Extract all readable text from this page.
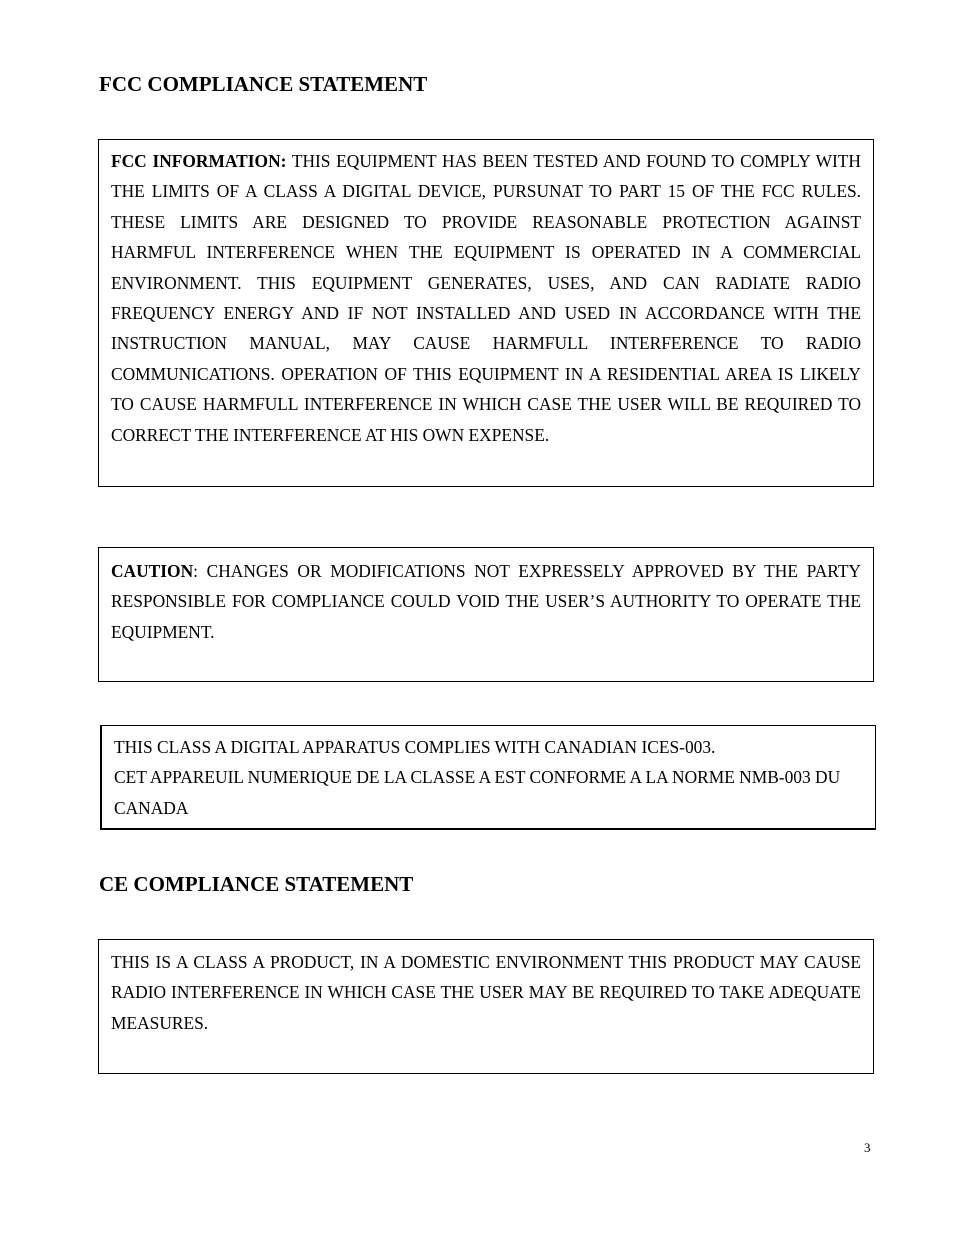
FCC COMPLIANCE STATEMENT

FCC INFORMATION: THIS EQUIPMENT HAS BEEN TESTED AND FOUND TO COMPLY WITH THE LIMITS OF A CLASS A DIGITAL DEVICE, PURSUNAT TO PART 15 OF THE FCC RULES. THESE LIMITS ARE DESIGNED TO PROVIDE REASONABLE PROTECTION AGAINST HARMFUL INTERFERENCE WHEN THE EQUIPMENT IS OPERATED IN A COMMERCIAL ENVIRONMENT. THIS EQUIPMENT GENERATES, USES, AND CAN RADIATE RADIO FREQUENCY ENERGY AND IF NOT INSTALLED AND USED IN ACCORDANCE WITH THE INSTRUCTION MANUAL, MAY CAUSE HARMFULL INTERFERENCE TO RADIO COMMUNICATIONS. OPERATION OF THIS EQUIPMENT IN A RESIDENTIAL AREA IS LIKELY TO CAUSE HARMFULL INTERFERENCE IN WHICH CASE THE USER WILL BE REQUIRED TO CORRECT THE INTERFERENCE AT HIS OWN EXPENSE.

CAUTION: CHANGES OR MODIFICATIONS NOT EXPRESSELY APPROVED BY THE PARTY RESPONSIBLE FOR COMPLIANCE COULD VOID THE USER’S AUTHORITY TO OPERATE THE EQUIPMENT.

THIS CLASS A DIGITAL APPARATUS COMPLIES WITH CANADIAN ICES-003.

CET APPAREUIL NUMERIQUE DE LA CLASSE A EST CONFORME A LA NORME NMB-003 DU CANADA

CE COMPLIANCE STATEMENT

THIS IS A CLASS A PRODUCT, IN A DOMESTIC ENVIRONMENT THIS PRODUCT MAY CAUSE RADIO INTERFERENCE IN WHICH CASE THE USER MAY BE REQUIRED TO TAKE ADEQUATE MEASURES.

3
